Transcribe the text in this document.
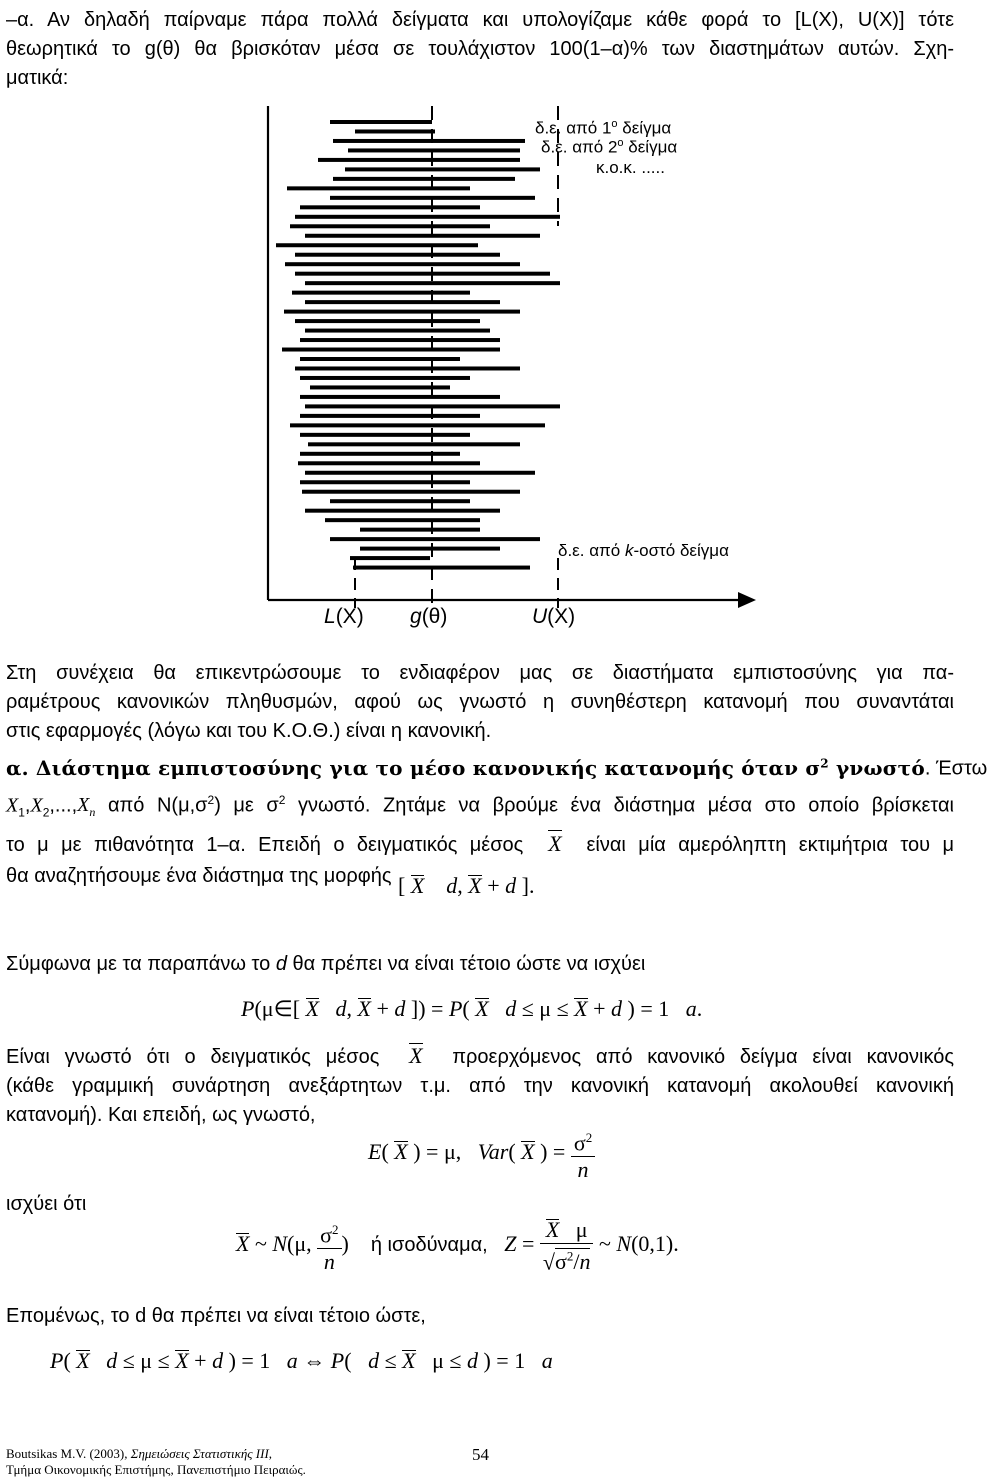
–α. Αν δηλαδή παίρναμε πάρα πολλά δείγματα και υπολογίζαμε κάθε φορά το [L(X), U(X)] τότε
θεωρητικά το g(θ) θα βρισκόταν μέσα σε τουλάχιστον 100(1–α)% των διαστημάτων αυτών. Σχη-
ματικά:
δ.ε. από $1^o$ δείγμα
δ.ε. από $2^o$ δείγμα
κ.ο.κ. .....
δ.ε. από k-οστό δείγμα
L(X) g(θ)	U(X)
Στη συνέχεια θα επικεντρώσουμε το ενδιαφέρον μας σε διαστήματα εμπιστοσύνης για πα-
ραμέτρους κανονικών πληθυσμών, αφού ως γνωστό η συνηθέστερη κατανομή που συναντάται
στις εφαρμογές (λόγω και του Κ.Ο.Θ.) είναι η κανονική.
α. Διάστημα εμπιστοσύνης για το μέσο κανονικής κατανομής όταν $\sigma^2$ γνωστό. Έστω
$X_1,X_2,...,X_n$ από $N(\mu,\sigma^2)$ με $\sigma^2$ γνωστό. Ζητάμε να βρούμε ένα διάστημα μέσα στο οποίο βρίσκεται
το μ με πιθανότητα 1–α. Επειδή ο δειγματικός μέσος X είναι μία αμερόληπτη εκτιμήτρια του μ
θα αναζητήσουμε ένα διάστημα της μορφής [ X d, X + d ].
Σύμφωνα με τα παραπάνω το d θα πρέπει να είναι τέτοιο ώστε να ισχύει
P(μ∈[ X d, X + d ]) = P( X d ≤ μ ≤ X + d ) = 1   a.
Είναι γνωστό ότι ο δειγματικός μέσος X προερχόμενος από κανονικό δείγμα είναι κανονικός
(κάθε γραμμική συνάρτηση ανεξάρτητων τ.μ. από την κανονική κατανομή ακολουθεί κανονική
κατανομή). Και επειδή, ως γνωστό,
E( X ) = μ,   Var( X ) = $\frac{\sigma^2}{n}$
ισχύει ότι
X ~ N(μ, $\frac{\sigma^2}{n}$ )    ή ισοδύναμα, $Z = \frac{\text{X   μ}}{√\sigma^2/n}$ ~ N(0,1).
Επομένως, το d θα πρέπει να είναι τέτοιο ώστε,
P( X d ≤ μ ≤ X + d ) = 1   a ⇔ P(   d ≤ X   μ ≤ d ) = 1   a
Boutsikas M.V. (2003), Σημειώσεις Στατιστικής ΙΙΙ,
Τμήμα Οικονομικής Επιστήμης, Πανεπιστήμιο Πειραιώς.
54
